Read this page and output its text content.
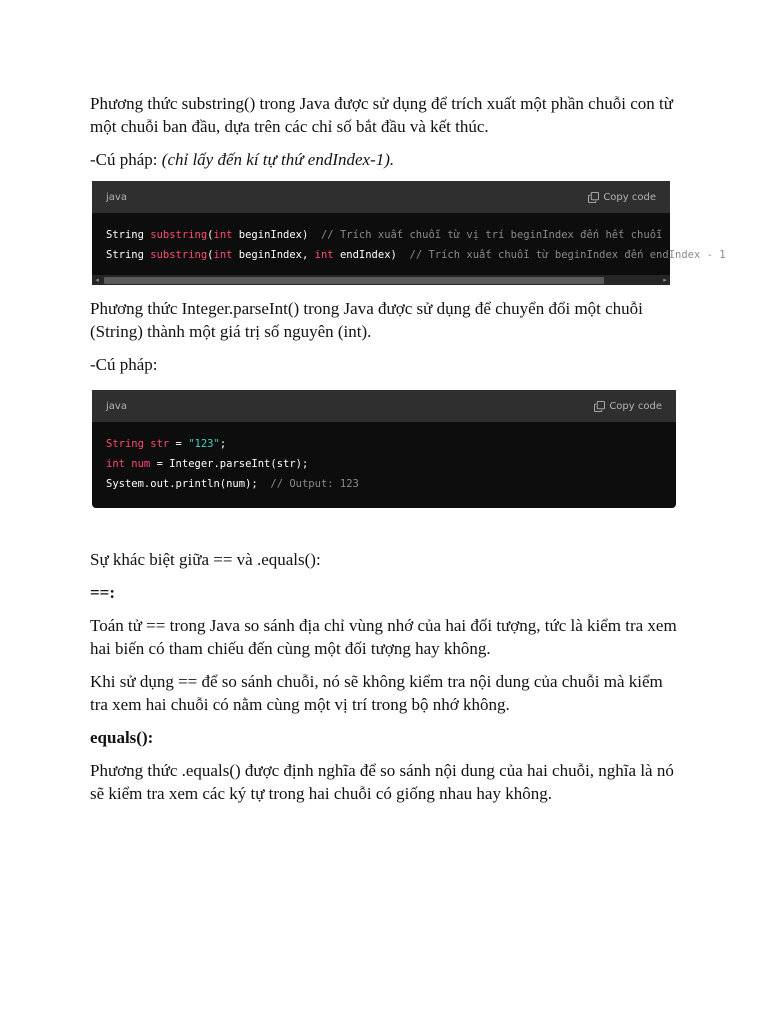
Phương thức substring() trong Java được sử dụng để trích xuất một phần chuỗi con từ một chuỗi ban đầu, dựa trên các chỉ số bắt đầu và kết thúc.

-Cú pháp: (chỉ lấy đến kí tự thứ endIndex-1).

java	Copy code
String substring(int beginIndex) // Trích xuất chuỗi từ vị trí beginIndex đến hết chuỗi
String substring(int beginIndex, int endIndex) // Trích xuất chuỗi từ beginIndex đến endIndex - 1
◂	▸

Phương thức Integer.parseInt() trong Java được sử dụng để chuyển đổi một chuỗi (String) thành một giá trị số nguyên (int).

-Cú pháp:

java	Copy code
String str = "123";
int num = Integer.parseInt(str);
System.out.println(num); // Output: 123

Sự khác biệt giữa == và .equals():

==:

Toán tử == trong Java so sánh địa chỉ vùng nhớ của hai đối tượng, tức là kiểm tra xem hai biến có tham chiếu đến cùng một đối tượng hay không.

Khi sử dụng == để so sánh chuỗi, nó sẽ không kiểm tra nội dung của chuỗi mà kiểm tra xem hai chuỗi có nằm cùng một vị trí trong bộ nhớ không.

equals():

Phương thức .equals() được định nghĩa để so sánh nội dung của hai chuỗi, nghĩa là nó sẽ kiểm tra xem các ký tự trong hai chuỗi có giống nhau hay không.
